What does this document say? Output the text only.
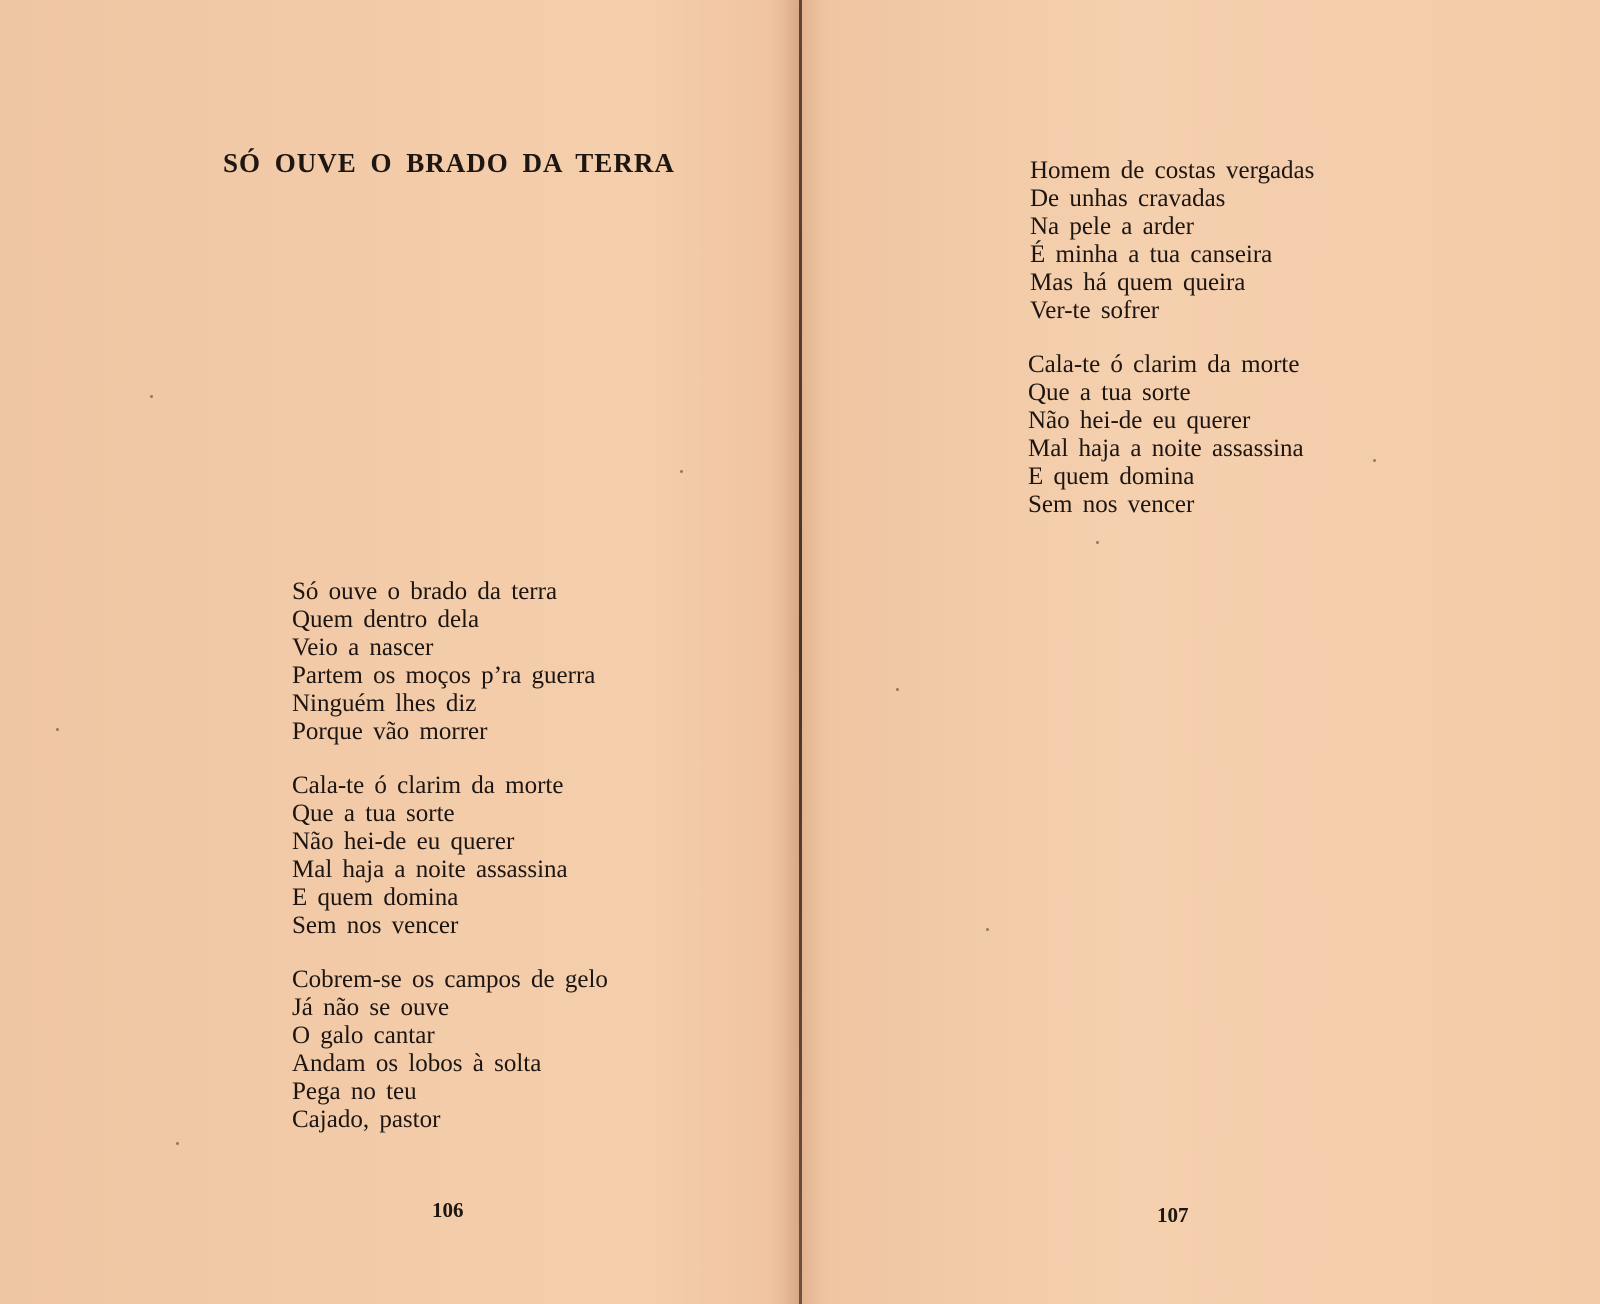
SÓ OUVE O BRADO DA TERRA
Só ouve o brado da terra
Quem dentro dela
Veio a nascer
Partem os moços p’ra guerra
Ninguém lhes diz
Porque vão morrer
Cala-te ó clarim da morte
Que a tua sorte
Não hei-de eu querer
Mal haja a noite assassina
E quem domina
Sem nos vencer
Cobrem-se os campos de gelo
Já não se ouve
O galo cantar
Andam os lobos à solta
Pega no teu
Cajado, pastor
106
Homem de costas vergadas
De unhas cravadas
Na pele a arder
É minha a tua canseira
Mas há quem queira
Ver-te sofrer
Cala-te ó clarim da morte
Que a tua sorte
Não hei-de eu querer
Mal haja a noite assassina
E quem domina
Sem nos vencer
107
